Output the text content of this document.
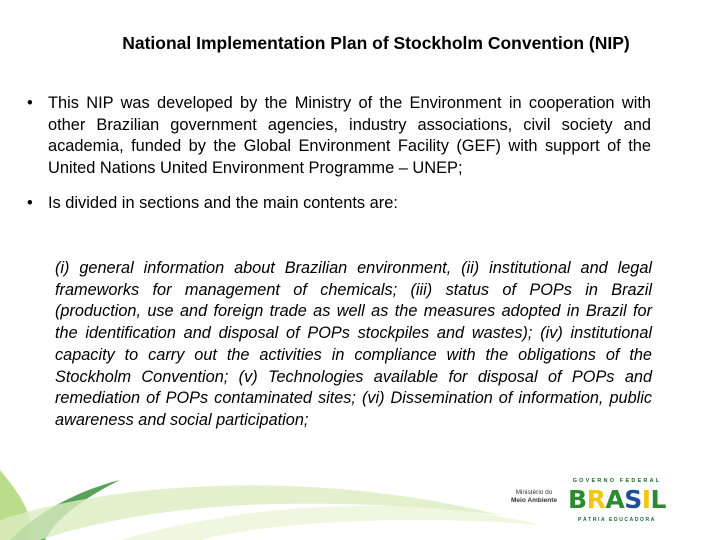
National Implementation Plan of Stockholm Convention (NIP)
• This NIP was developed by the Ministry of the Environment in cooperation with other Brazilian government agencies, industry associations, civil society and academia, funded by the Global Environment Facility (GEF) with support of the United Nations United Environment Programme – UNEP;
• Is divided in sections and the main contents are:
(i) general information about Brazilian environment, (ii) institutional and legal frameworks for management of chemicals; (iii) status of POPs in Brazil (production, use and foreign trade as well as the measures adopted in Brazil for the identification and disposal of POPs stockpiles and wastes); (iv) institutional capacity to carry out the activities in compliance with the obligations of the Stockholm Convention; (v) Technologies available for disposal of POPs and remediation of POPs contaminated sites; (vi) Dissemination of information, public awareness and social participation;
Ministério do
Meio Ambiente
GOVERNO FEDERAL
BRASIL
PÁTRIA EDUCADORA
